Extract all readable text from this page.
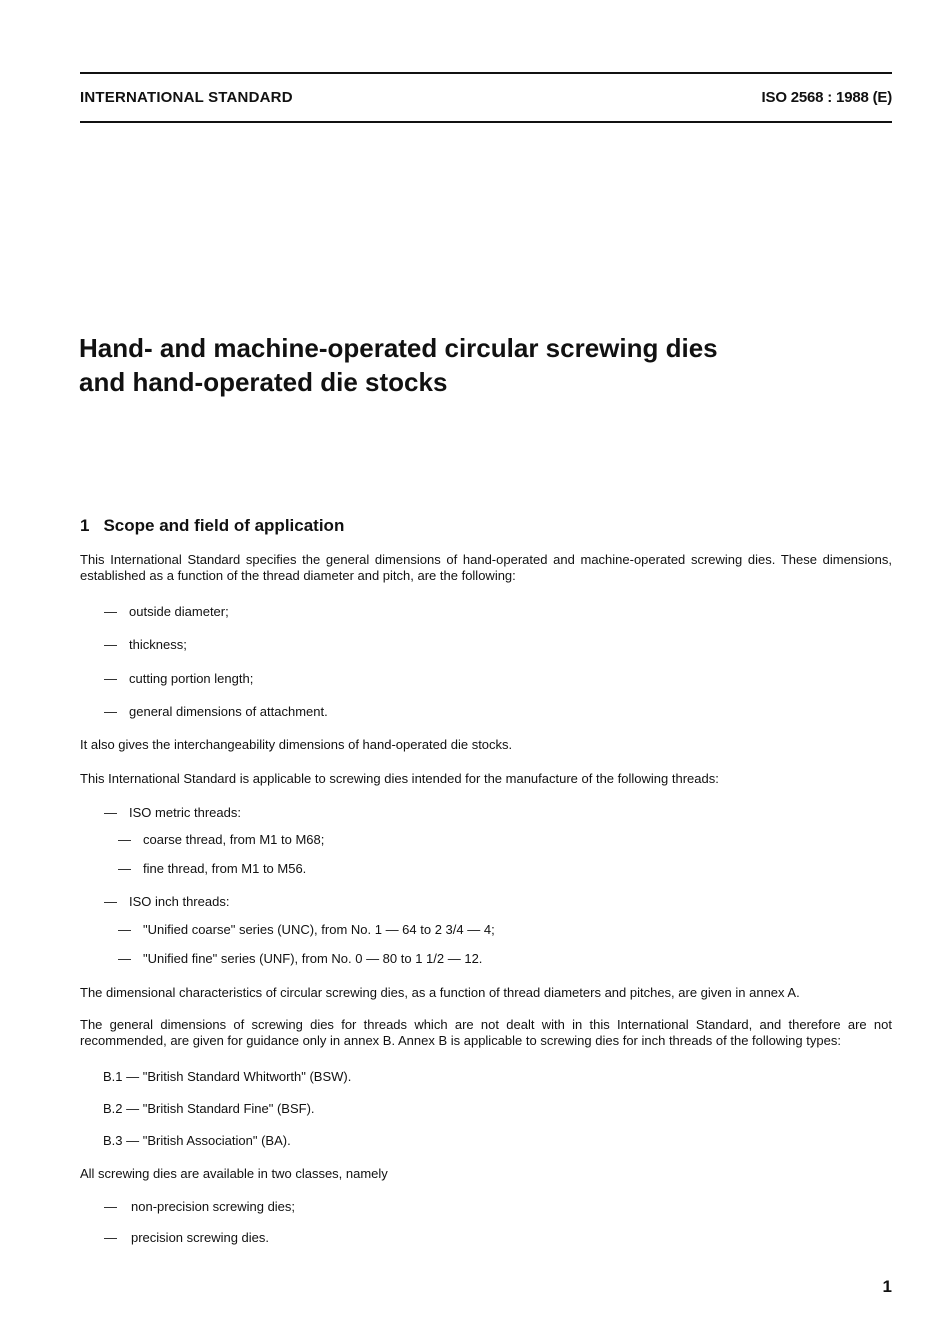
INTERNATIONAL STANDARD	ISO 2568 : 1988 (E)
Hand- and machine-operated circular screwing dies
and hand-operated die stocks
1 Scope and field of application

This International Standard specifies the general dimensions of hand-operated and machine-operated screwing dies. These dimensions, established as a function of the thread diameter and pitch, are the following:

— outside diameter;
— thickness;
— cutting portion length;
— general dimensions of attachment.

It also gives the interchangeability dimensions of hand-operated die stocks.

This International Standard is applicable to screwing dies intended for the manufacture of the following threads:

— ISO metric threads:
— coarse thread, from M1 to M68;
— fine thread, from M1 to M56.
— ISO inch threads:
— "Unified coarse" series (UNC), from No. 1 — 64 to 2 3/4 — 4;
— "Unified fine" series (UNF), from No. 0 — 80 to 1 1/2 — 12.

The dimensional characteristics of circular screwing dies, as a function of thread diameters and pitches, are given in annex A.

The general dimensions of screwing dies for threads which are not dealt with in this International Standard, and therefore are not recommended, are given for guidance only in annex B. Annex B is applicable to screwing dies for inch threads of the following types:

B.1 — "British Standard Whitworth" (BSW).
B.2 — "British Standard Fine" (BSF).
B.3 — "British Association" (BA).

All screwing dies are available in two classes, namely

— non-precision screwing dies;
— precision screwing dies.
1
